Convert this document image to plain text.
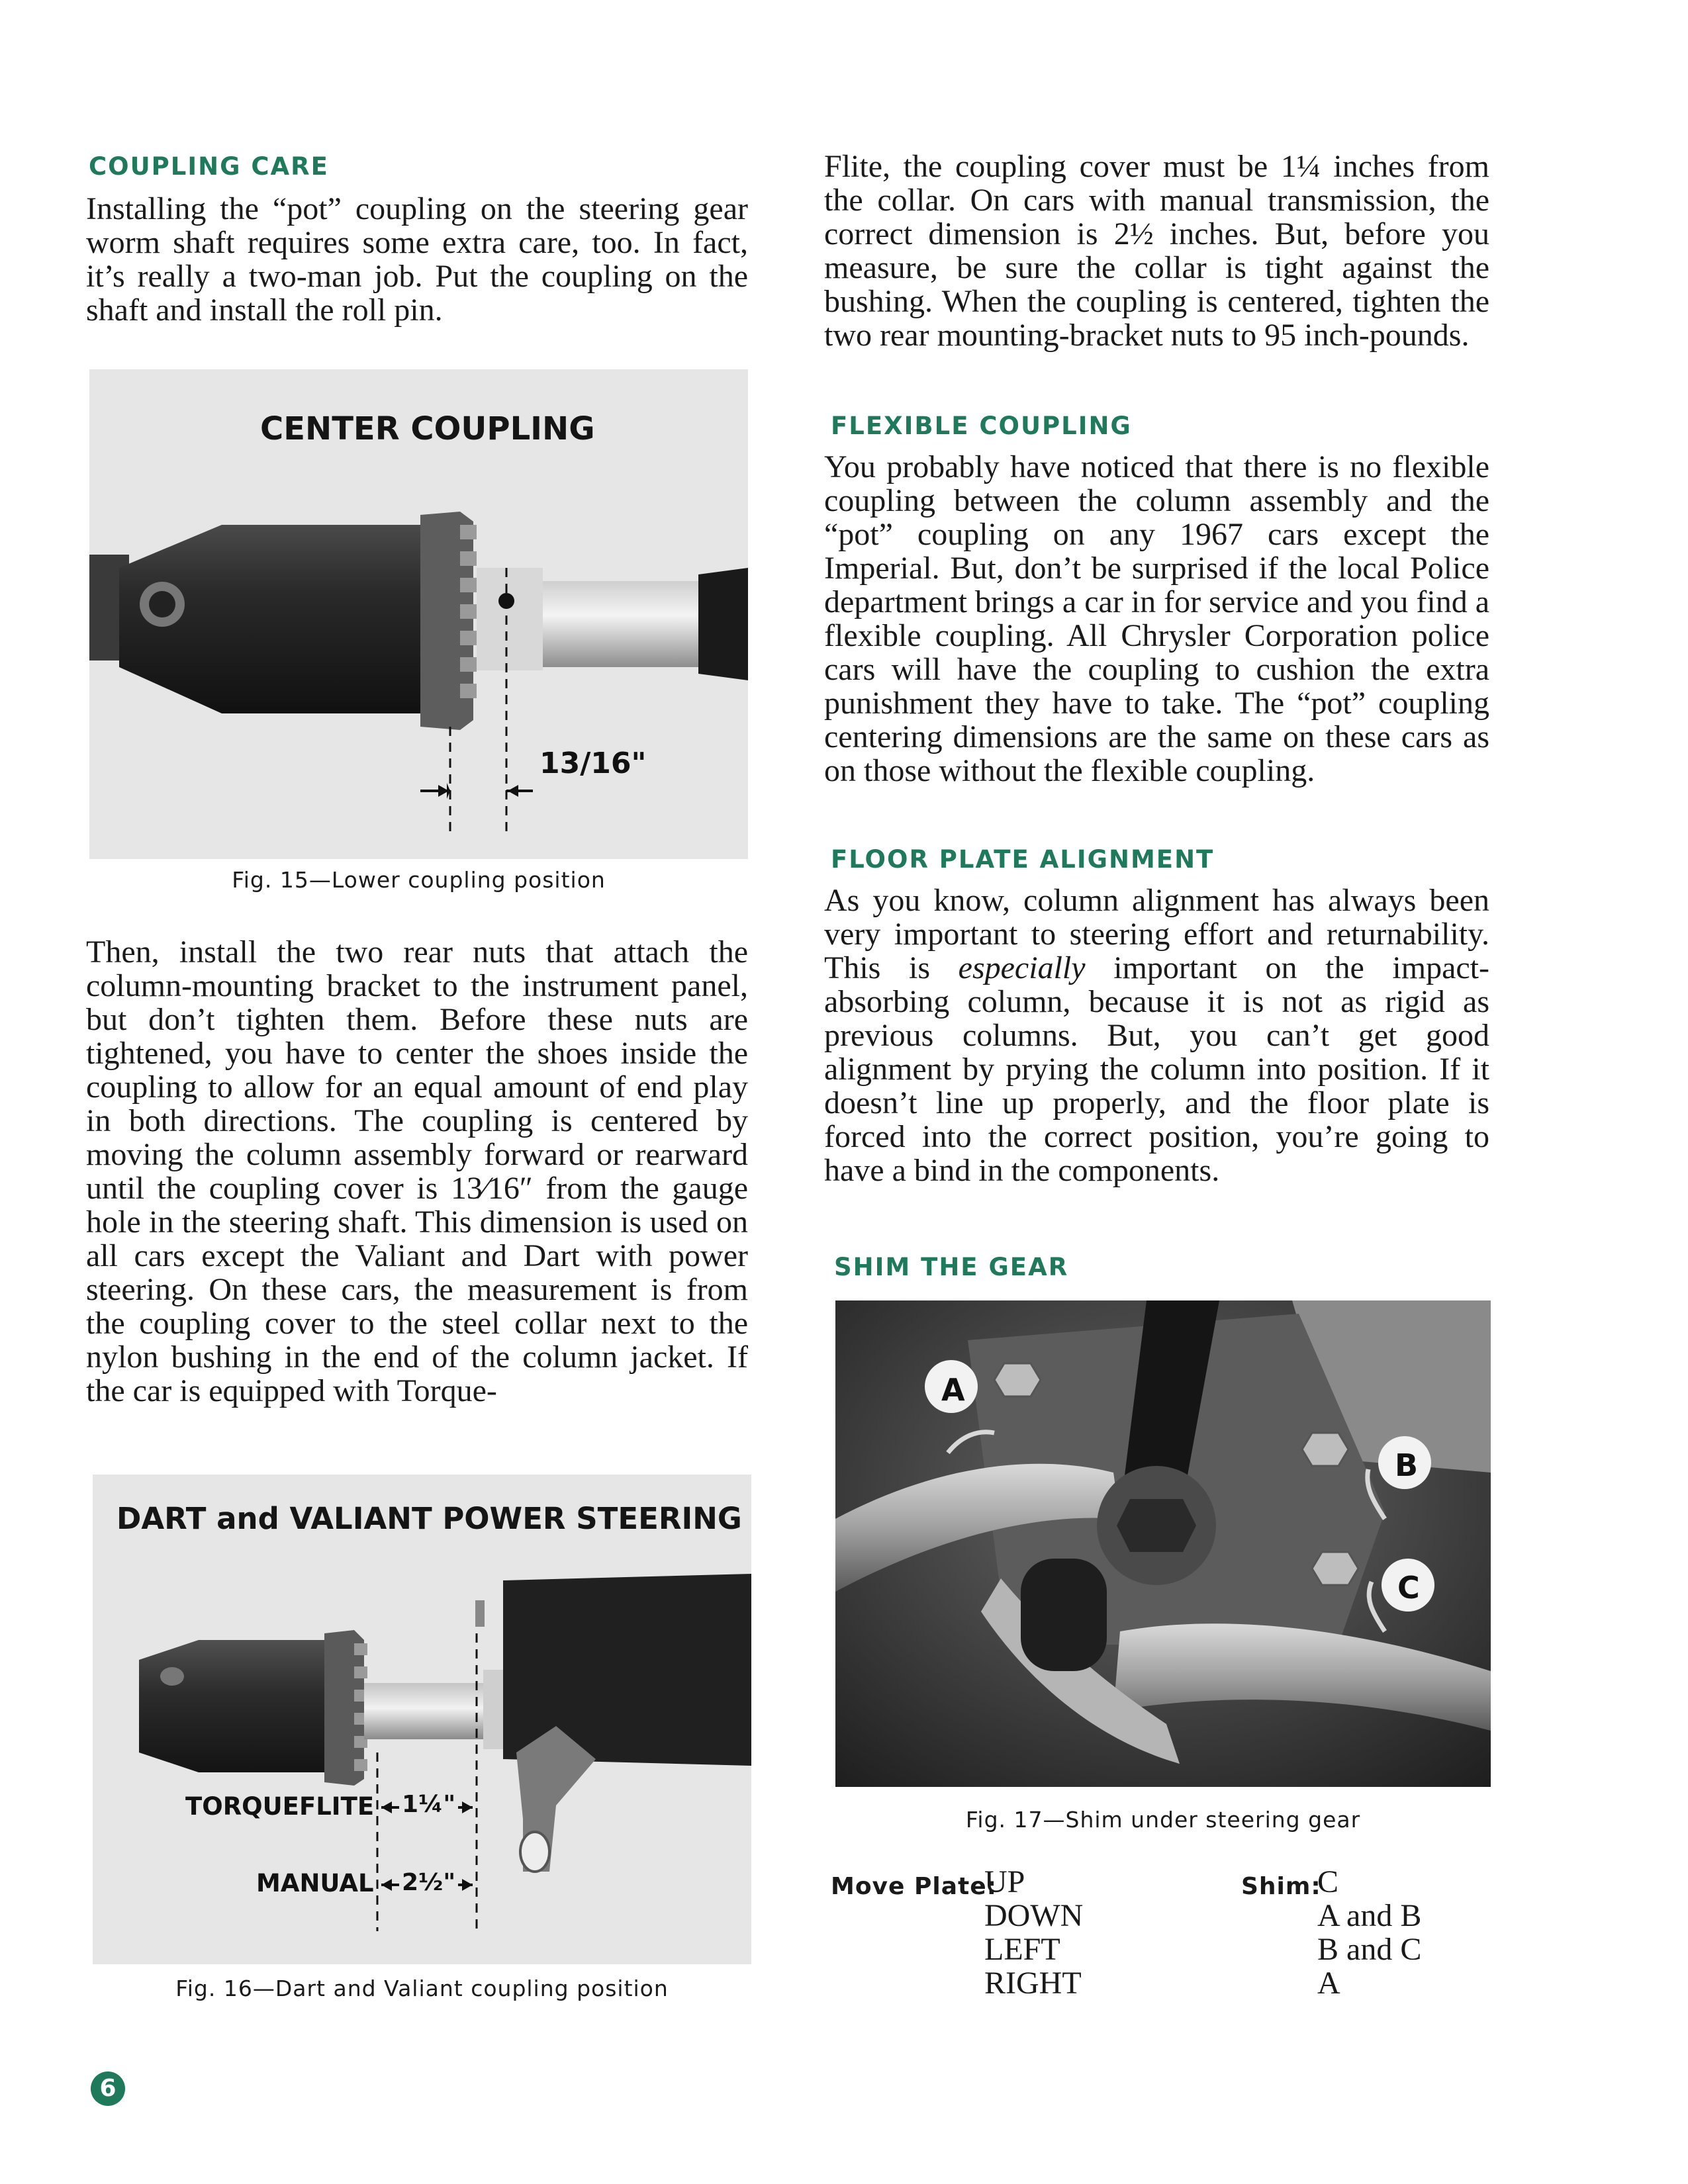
COUPLING CARE

Installing the “pot” coupling on the steering gear worm shaft requires some extra care, too. In fact, it’s really a two-man job. Put the coupling on the shaft and install the roll pin.

CENTER COUPLING
13/16"

Fig. 15—Lower coupling position

Then, install the two rear nuts that attach the column-mounting bracket to the instrument panel, but don’t tighten them. Before these nuts are tightened, you have to center the shoes inside the coupling to allow for an equal amount of end play in both directions. The coupling is centered by moving the column assembly forward or rearward until the coupling cover is 13⁄16″ from the gauge hole in the steering shaft. This dimension is used on all cars except the Valiant and Dart with power steering. On these cars, the measurement is from the coupling cover to the steel collar next to the nylon bushing in the end of the column jacket. If the car is equipped with Torque-

DART and VALIANT POWER STEERING
TORQUEFLITE 1¼"
MANUAL 2½"

Fig. 16—Dart and Valiant coupling position

6

Flite, the coupling cover must be 1¼ inches from the collar. On cars with manual transmission, the correct dimension is 2½ inches. But, before you measure, be sure the collar is tight against the bushing. When the coupling is centered, tighten the two rear mounting-bracket nuts to 95 inch-pounds.

FLEXIBLE COUPLING

You probably have noticed that there is no flexible coupling between the column assembly and the “pot” coupling on any 1967 cars except the Imperial. But, don’t be surprised if the local Police department brings a car in for service and you find a flexible coupling. All Chrysler Corporation police cars will have the coupling to cushion the extra punishment they have to take. The “pot” coupling centering dimensions are the same on these cars as on those without the flexible coupling.

FLOOR PLATE ALIGNMENT

As you know, column alignment has always been very important to steering effort and returnability. This is especially important on the impact-absorbing column, because it is not as rigid as previous columns. But, you can’t get good alignment by prying the column into position. If it doesn’t line up properly, and the floor plate is forced into the correct position, you’re going to have a bind in the components.

SHIM THE GEAR
A
B
C

Fig. 17—Shim under steering gear

Move Plate:
UP
DOWN
LEFT
RIGHT
Shim:
C
A and B
B and C
A
